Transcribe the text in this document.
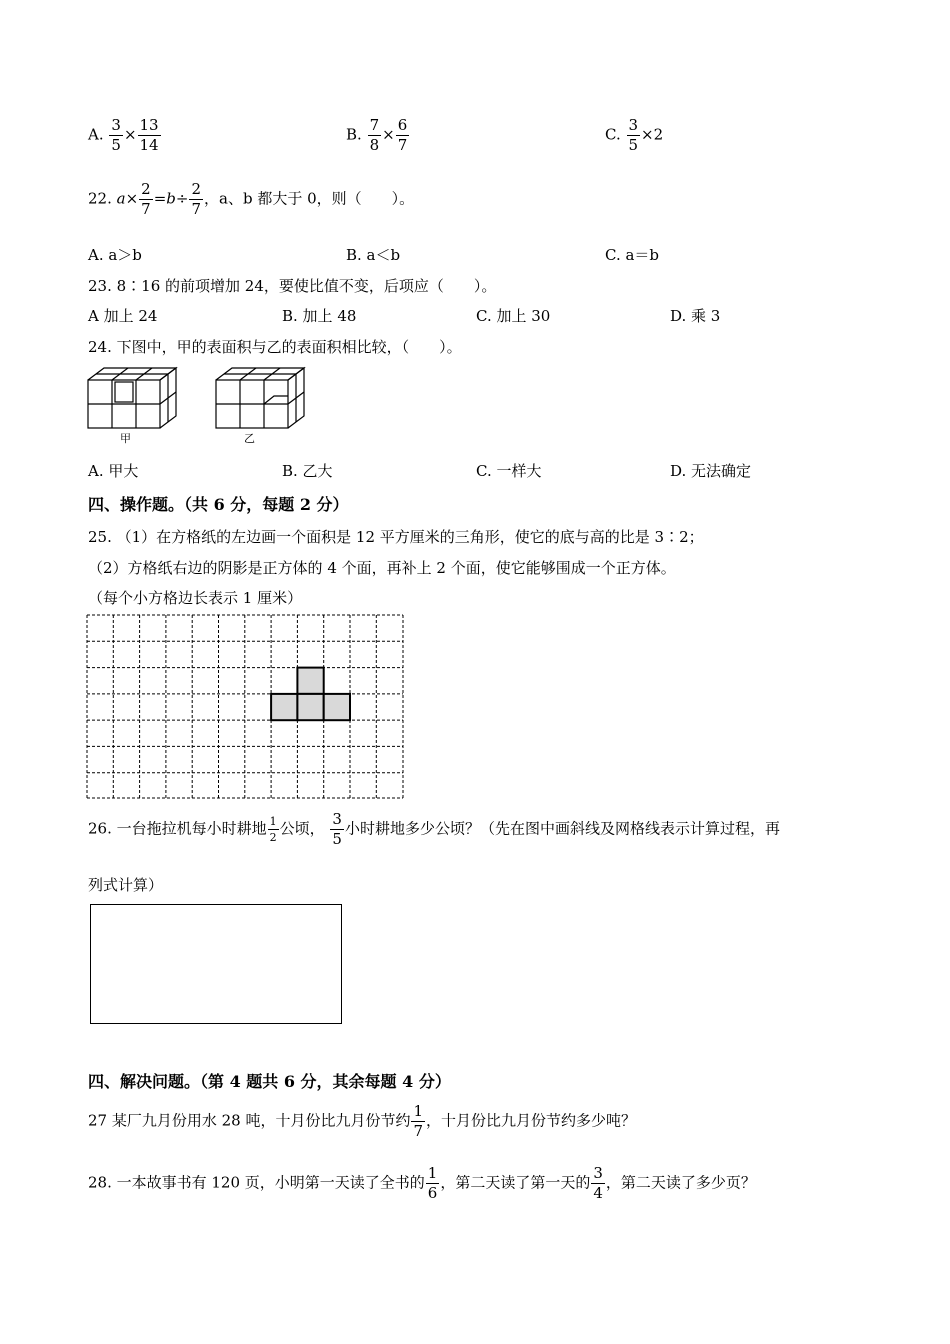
A. $\frac{3}{5} \times \frac{13}{14}$	B. $\frac{7}{8} \times \frac{6}{7}$	C. $\frac{3}{5} \times 2$
22. $a\times \frac{2}{7} =b\div \frac{2}{7}$ ，a、b 都大于 0，则（　　）。
A. a＞b	B. a＜b	C. a＝b
23. 8∶16 的前项增加 24，要使比值不变，后项应（　　）。
A 加上 24	B. 加上 48	C. 加上 30	D. 乘 3
24. 下图中，甲的表面积与乙的表面积相比较，（　　）。
甲	乙
A. 甲大	B. 乙大	C. 一样大	D. 无法确定
四、操作题。（共 6 分，每题 2 分）
25. （1）在方格纸的左边画一个面积是 12 平方厘米的三角形，使它的底与高的比是 3∶2；
（2）方格纸右边的阴影是正方体的 4 个面，再补上 2 个面，使它能够围成一个正方体。
（每个小方格边长表示 1 厘米）
26. 一台拖拉机每小时耕地 $\frac{1}{2}$ 公顷， $\frac{3}{5}$ 小时耕地多少公顷？（先在图中画斜线及网格线表示计算过程，再
列式计算）
四、解决问题。（第 4 题共 6 分，其余每题 4 分）
27 某厂九月份用水 28 吨，十月份比九月份节约 $\frac{1}{7}$ ，十月份比九月份节约多少吨？
28. 一本故事书有 120 页，小明第一天读了全书的 $\frac{1}{6}$ ，第二天读了第一天的 $\frac{3}{4}$ ，第二天读了多少页？
